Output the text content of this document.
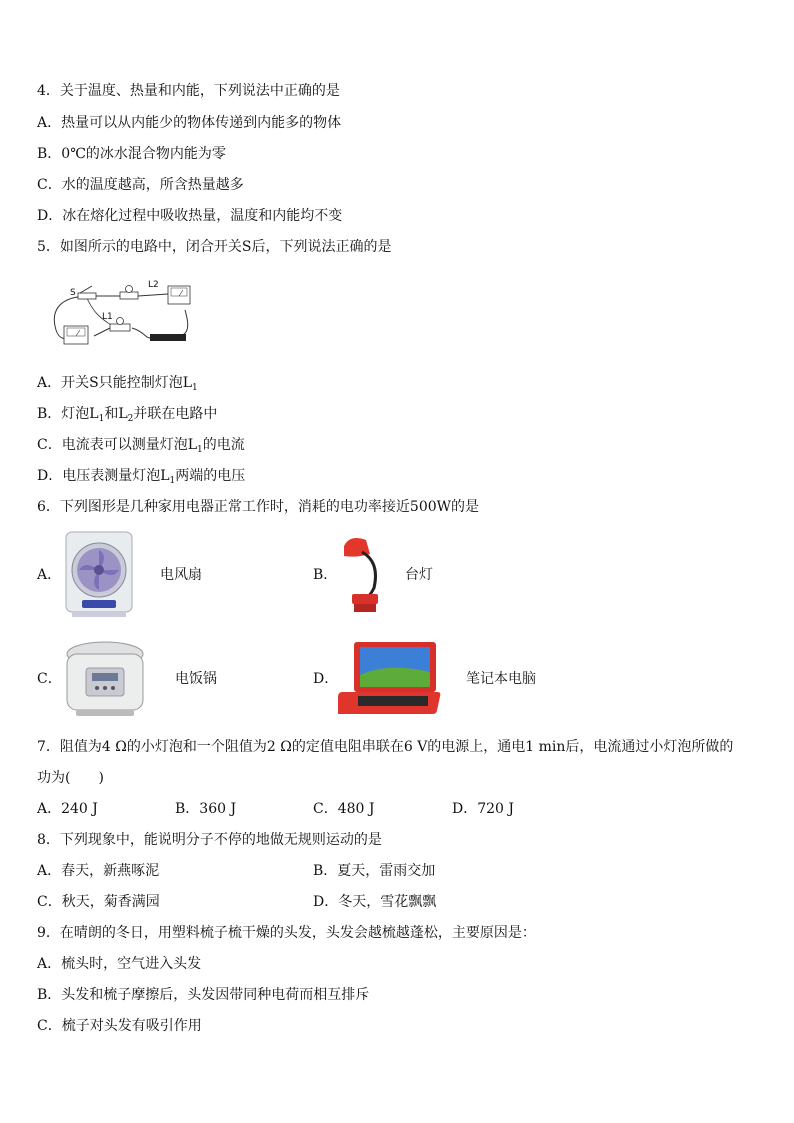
4．关于温度、热量和内能，下列说法中正确的是
A．热量可以从内能少的物体传递到内能多的物体
B．0℃的冰水混合物内能为零
C．水的温度越高，所含热量越多
D．冰在熔化过程中吸收热量，温度和内能均不变
5．如图所示的电路中，闭合开关S后，下列说法正确的是
S
L2
L1
A．开关S只能控制灯泡$L_1$
B．灯泡$L_1$和$L_2$并联在电路中
C．电流表可以测量灯泡$L_1$的电流
D．电压表测量灯泡$L_1$两端的电压
6．下列图形是几种家用电器正常工作时，消耗的电功率接近500W的是
A．	电风扇	B．	台灯
C．	电饭锅	D．	笔记本电脑
7．阻值为4 Ω的小灯泡和一个阻值为2 Ω的定值电阻串联在6 V的电源上，通电1 min后，电流通过小灯泡所做的
功为(　　)
A．240 J	B．360 J	C．480 J	D．720 J
8．下列现象中，能说明分子不停的地做无规则运动的是
A．春天，新燕啄泥	B．夏天，雷雨交加
C．秋天，菊香满园	D．冬天，雪花飘飘
9．在晴朗的冬日，用塑料梳子梳干燥的头发，头发会越梳越蓬松，主要原因是：
A．梳头时，空气进入头发
B．头发和梳子摩擦后，头发因带同种电荷而相互排斥
C．梳子对头发有吸引作用
